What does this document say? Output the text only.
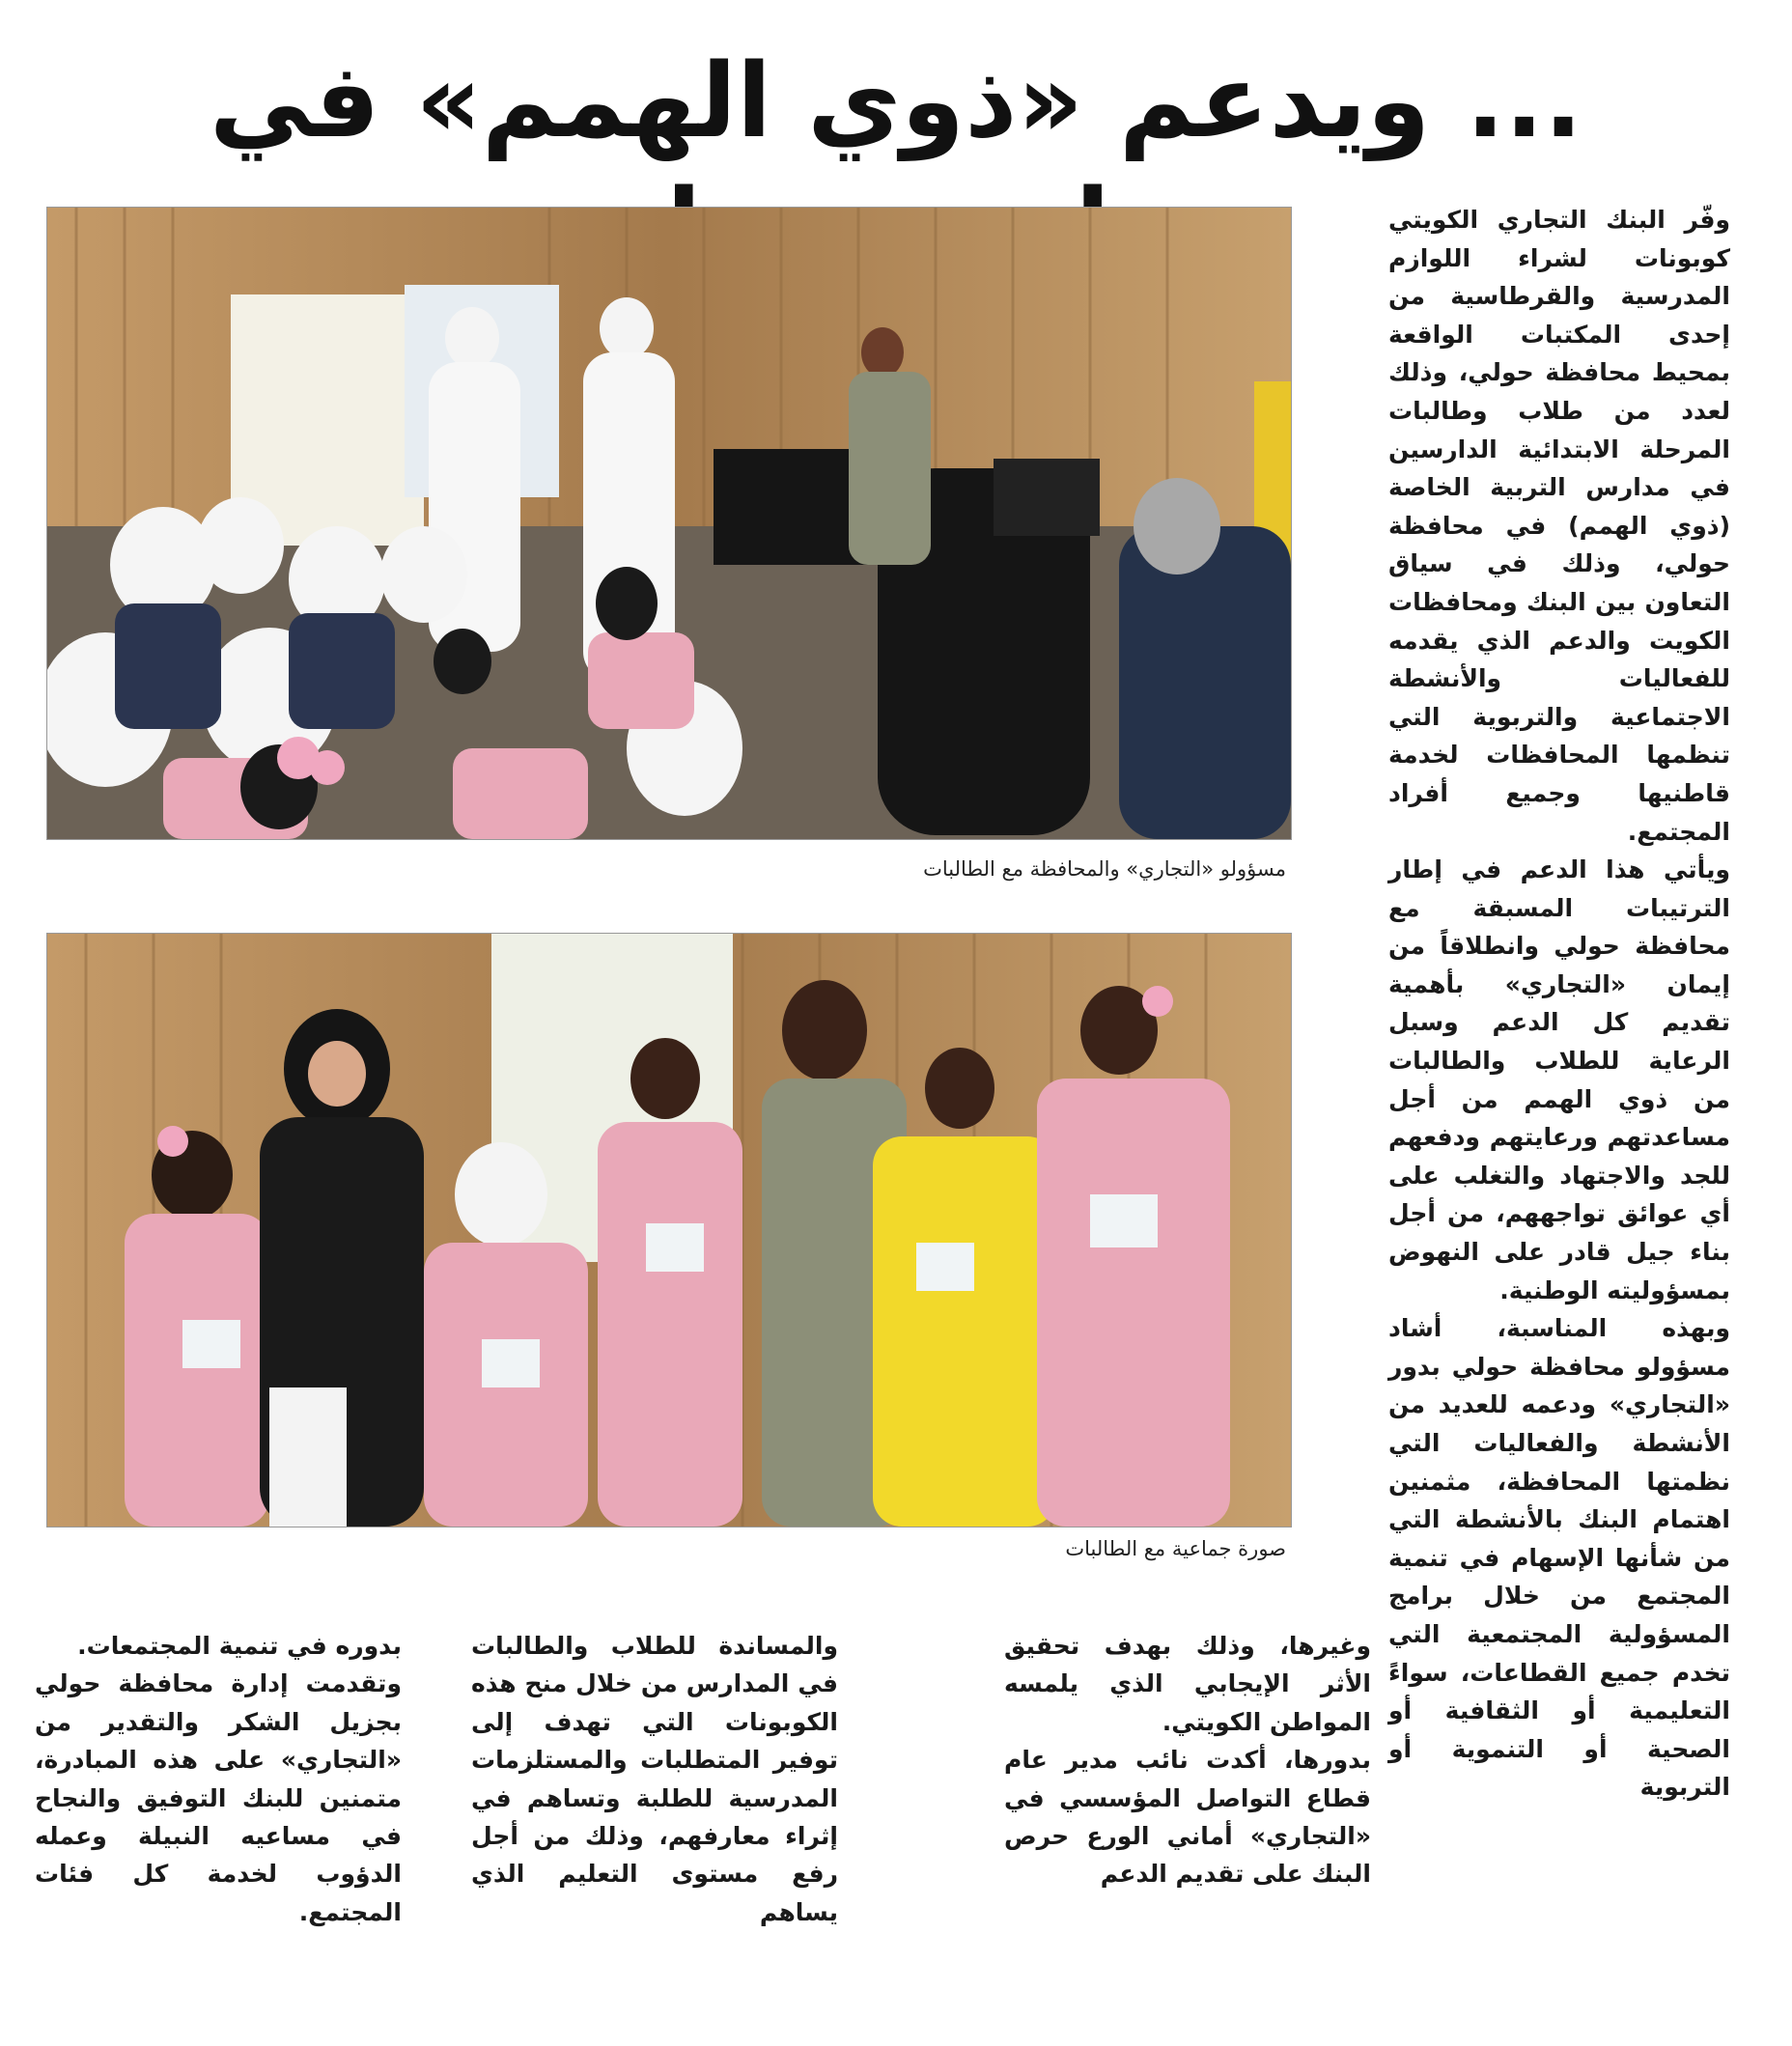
... ويدعم «ذوي الهمم» في
مسؤولو «التجاري» والمحافظة مع الطالبات
صورة جماعية مع الطالبات

وفّر البنك التجاري الكويتي كوبونات لشراء اللوازم المدرسية والقرطاسية من إحدى المكتبات الواقعة بمحيط محافظة حولي، وذلك لعدد من طلاب وطالبات المرحلة الابتدائية الدارسين في مدارس التربية الخاصة (ذوي الهمم) في محافظة حولي، وذلك في سياق التعاون بين البنك ومحافظات الكويت والدعم الذي يقدمه للفعاليات والأنشطة الاجتماعية والتربوية التي تنظمها المحافظات لخدمة قاطنيها وجميع أفراد المجتمع.

ويأتي هذا الدعم في إطار الترتيبات المسبقة مع محافظة حولي وانطلاقاً من إيمان «التجاري» بأهمية تقديم كل الدعم وسبل الرعاية للطلاب والطالبات من ذوي الهمم من أجل مساعدتهم ورعايتهم ودفعهم للجد والاجتهاد والتغلب على أي عوائق تواجههم، من أجل بناء جيل قادر على النهوض بمسؤوليته الوطنية.

وبهذه المناسبة، أشاد مسؤولو محافظة حولي بدور «التجاري» ودعمه للعديد من الأنشطة والفعاليات التي نظمتها المحافظة، مثمنين اهتمام البنك بالأنشطة التي من شأنها الإسهام في تنمية المجتمع من خلال برامج المسؤولية المجتمعية التي تخدم جميع القطاعات، سواءً التعليمية أو الثقافية أو الصحية أو التنموية أو التربوية

وغيرها، وذلك بهدف تحقيق الأثر الإيجابي الذي يلمسه المواطن الكويتي.

بدورها، أكدت نائب مدير عام قطاع التواصل المؤسسي في «التجاري» أماني الورع حرص البنك على تقديم الدعم

والمساندة للطلاب والطالبات في المدارس من خلال منح هذه الكوبونات التي تهدف إلى توفير المتطلبات والمستلزمات المدرسية للطلبة وتساهم في إثراء معارفهم، وذلك من أجل رفع مستوى التعليم الذي يساهم

بدوره في تنمية المجتمعات.

وتقدمت إدارة محافظة حولي بجزيل الشكر والتقدير من «التجاري» على هذه المبادرة، متمنين للبنك التوفيق والنجاح في مساعيه النبيلة وعمله الدؤوب لخدمة كل فئات المجتمع.
